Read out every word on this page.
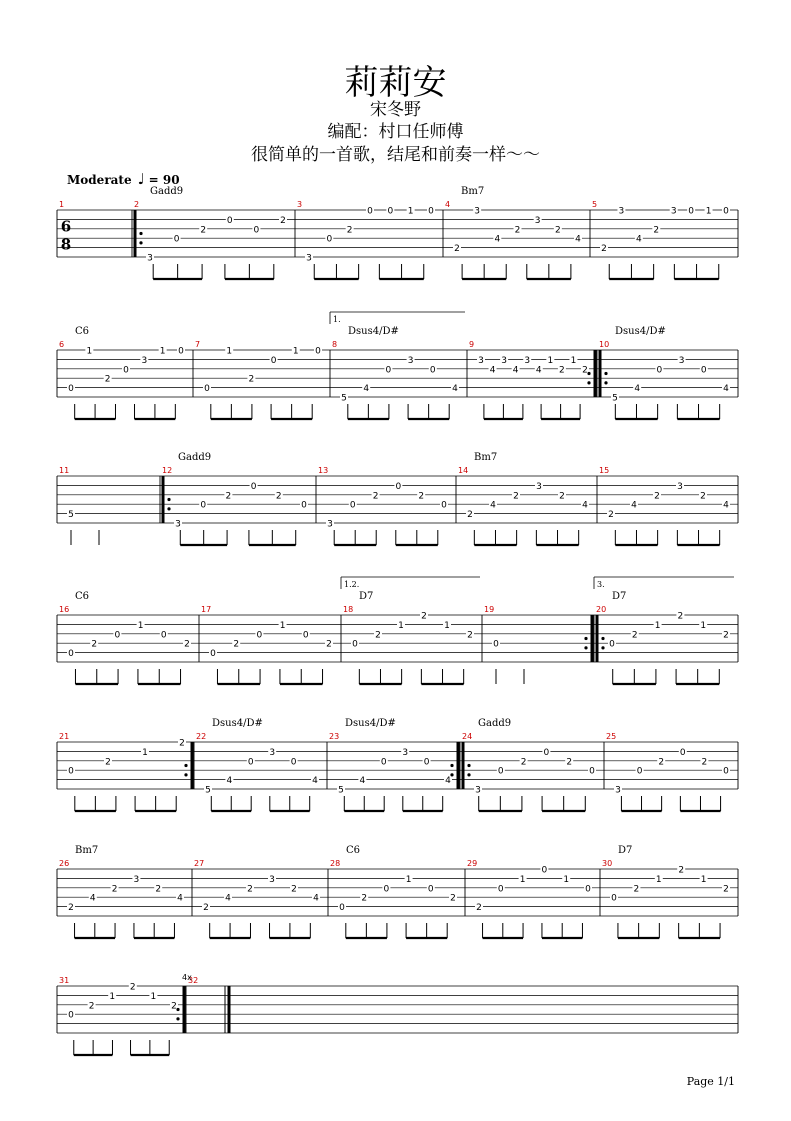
莉莉安
宋冬野
编配：村口任师傅
很简单的一首歌，结尾和前奏一样～～
Moderate ♩ = 90
6
8
1	2
Gadd9
3
0
2
0
0
2
3
3
0
2
0 0 1 0
4
Bm7
2
3
4
2
3
2
4
5
2
3
4
2
3 0 1 0
6
C6
0
1
2
0
3
1 0
7
0
1
2
0
1 0
8
Dsus4/D#
5
4
0
3
0
4
9
3
4
3
4
3
4
1
2
1
2
10
Dsus4/D#
5
4
0
3
0
4
11
5
12
Gadd9
3
0
2
0
2
0
13
3
0
2
0
2
0
14
Bm7
2
4
2
3
2
4
15
2
4
2
3
2
4
16
C6
0
2
0
1
0
2
17
0
2
0
1
0
2
18
D7
0
2
1
2
1
2
19
0
20
D7
0
2
1
2
1
2
21
0
2
1
2
22
Dsus4/D#
5
4
0
3
0
4
23
Dsus4/D#
5
4
0
3
0
4
24
Gadd9
3
0
2
0
2
0
25
3
0
2
0
2
0
26
Bm7
2
4
2
3
2
4
27
2
4
2
3
2
4
28
C6
0
2
0
1
0
2
29
2
0
1
0
1
0
30
D7
0
2
1
2
1
2
31
0
2
1
2
1
2
32
1.
1.2.	3.
4x
Page 1/1
